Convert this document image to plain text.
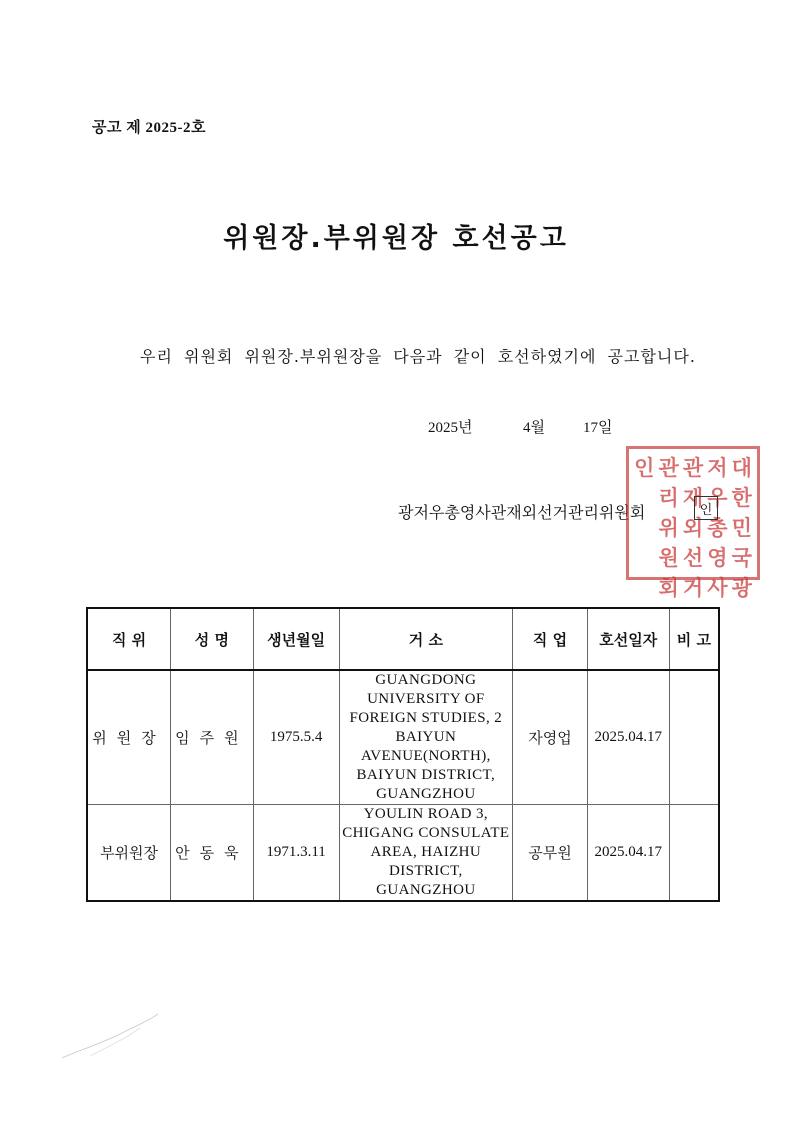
공고 제 2025-2호
위원장.부위원장 호선공고
우리 위원회 위원장.부위원장을 다음과 같이 호선하였기에 공고합니다.
2025년	4월	17일
광저우총영사관재외선거관리위원회
대
한
민
국
광
저
우
총
영
사
관
재
외
선
거
관
리
위
원
회
인
인
직 위	성 명	생년월일	거 소	직 업	호선일자	비 고
위원장	임주원	1975.5.4	GUANGDONG UNIVERSITY OF FOREIGN STUDIES, 2 BAIYUN AVENUE(NORTH), BAIYUN DISTRICT, GUANGZHOU	자영업	2025.04.17	
부위원장	안동욱	1971.3.11	YOULIN ROAD 3, CHIGANG CONSULATE AREA, HAIZHU DISTRICT, GUANGZHOU	공무원	2025.04.17	
